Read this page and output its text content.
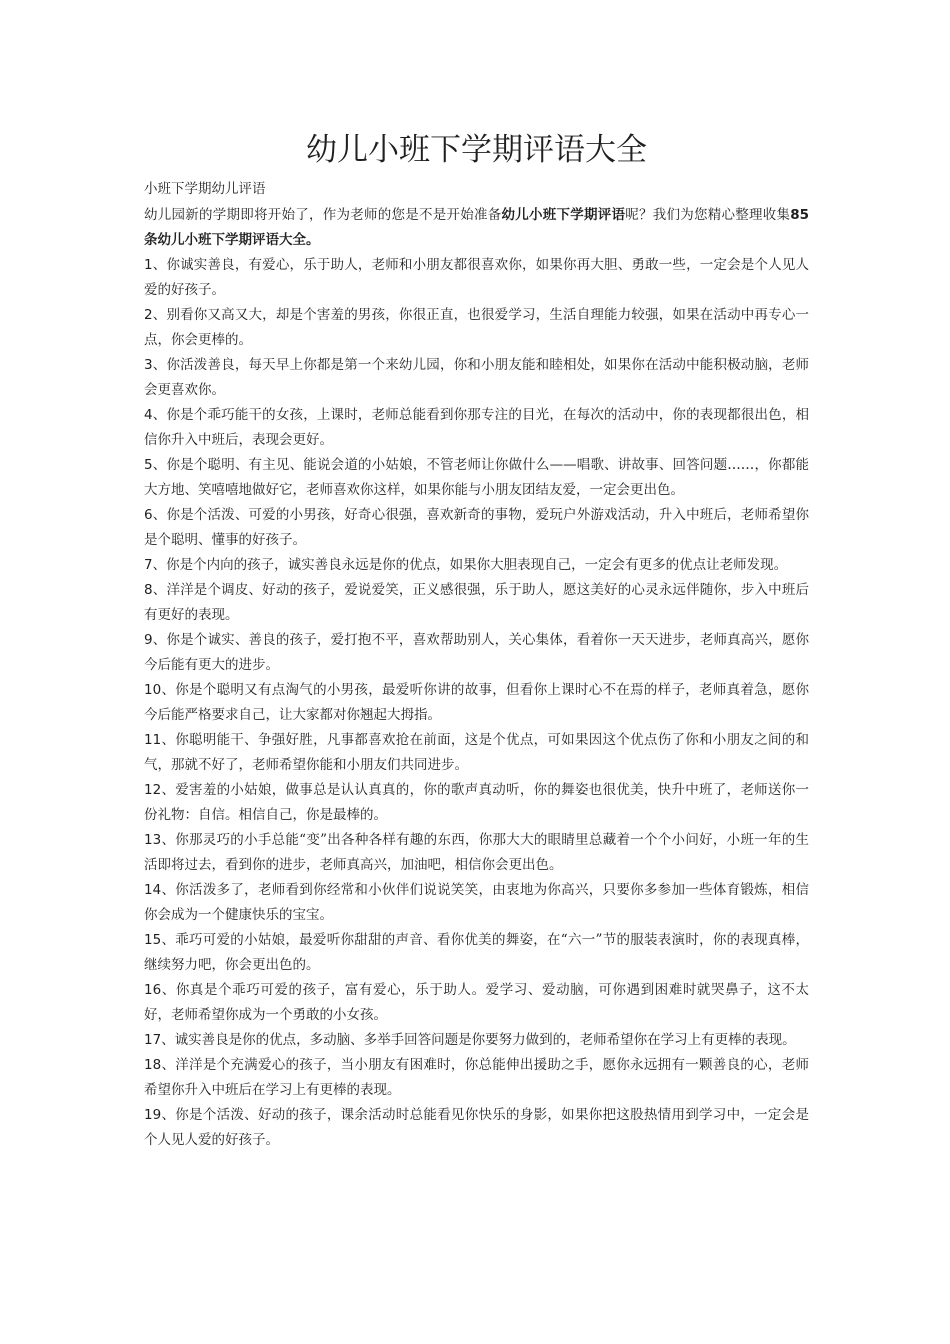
幼儿小班下学期评语大全

小班下学期幼儿评语

幼儿园新的学期即将开始了，作为老师的您是不是开始准备幼儿小班下学期评语呢？我们为您精心整理收集85条幼儿小班下学期评语大全。

1、你诚实善良，有爱心，乐于助人，老师和小朋友都很喜欢你，如果你再大胆、勇敢一些，一定会是个人见人爱的好孩子。

2、别看你又高又大，却是个害羞的男孩，你很正直，也很爱学习，生活自理能力较强，如果在活动中再专心一点，你会更棒的。

3、你活泼善良，每天早上你都是第一个来幼儿园，你和小朋友能和睦相处，如果你在活动中能积极动脑，老师会更喜欢你。

4、你是个乖巧能干的女孩，上课时，老师总能看到你那专注的目光，在每次的活动中，你的表现都很出色，相信你升入中班后，表现会更好。

5、你是个聪明、有主见、能说会道的小姑娘，不管老师让你做什么——唱歌、讲故事、回答问题……，你都能大方地、笑嘻嘻地做好它，老师喜欢你这样，如果你能与小朋友团结友爱，一定会更出色。

6、你是个活泼、可爱的小男孩，好奇心很强，喜欢新奇的事物，爱玩户外游戏活动，升入中班后，老师希望你是个聪明、懂事的好孩子。

7、你是个内向的孩子，诚实善良永远是你的优点，如果你大胆表现自己，一定会有更多的优点让老师发现。

8、洋洋是个调皮、好动的孩子，爱说爱笑，正义感很强，乐于助人，愿这美好的心灵永远伴随你，步入中班后有更好的表现。

9、你是个诚实、善良的孩子，爱打抱不平，喜欢帮助别人，关心集体，看着你一天天进步，老师真高兴，愿你今后能有更大的进步。

10、你是个聪明又有点淘气的小男孩，最爱听你讲的故事，但看你上课时心不在焉的样子，老师真着急，愿你今后能严格要求自己，让大家都对你翘起大拇指。

11、你聪明能干、争强好胜，凡事都喜欢抢在前面，这是个优点，可如果因这个优点伤了你和小朋友之间的和气，那就不好了，老师希望你能和小朋友们共同进步。

12、爱害羞的小姑娘，做事总是认认真真的，你的歌声真动听，你的舞姿也很优美，快升中班了，老师送你一份礼物：自信。相信自己，你是最棒的。

13、你那灵巧的小手总能“变”出各种各样有趣的东西，你那大大的眼睛里总藏着一个个小问好，小班一年的生活即将过去，看到你的进步，老师真高兴，加油吧，相信你会更出色。

14、你活泼多了，老师看到你经常和小伙伴们说说笑笑，由衷地为你高兴，只要你多参加一些体育锻炼，相信你会成为一个健康快乐的宝宝。

15、乖巧可爱的小姑娘，最爱听你甜甜的声音、看你优美的舞姿，在“六一”节的服装表演时，你的表现真棒，继续努力吧，你会更出色的。

16、你真是个乖巧可爱的孩子，富有爱心，乐于助人。爱学习、爱动脑，可你遇到困难时就哭鼻子，这不太好，老师希望你成为一个勇敢的小女孩。

17、诚实善良是你的优点，多动脑、多举手回答问题是你要努力做到的，老师希望你在学习上有更棒的表现。

18、洋洋是个充满爱心的孩子，当小朋友有困难时，你总能伸出援助之手，愿你永远拥有一颗善良的心，老师希望你升入中班后在学习上有更棒的表现。

19、你是个活泼、好动的孩子，课余活动时总能看见你快乐的身影，如果你把这股热情用到学习中，一定会是个人见人爱的好孩子。
